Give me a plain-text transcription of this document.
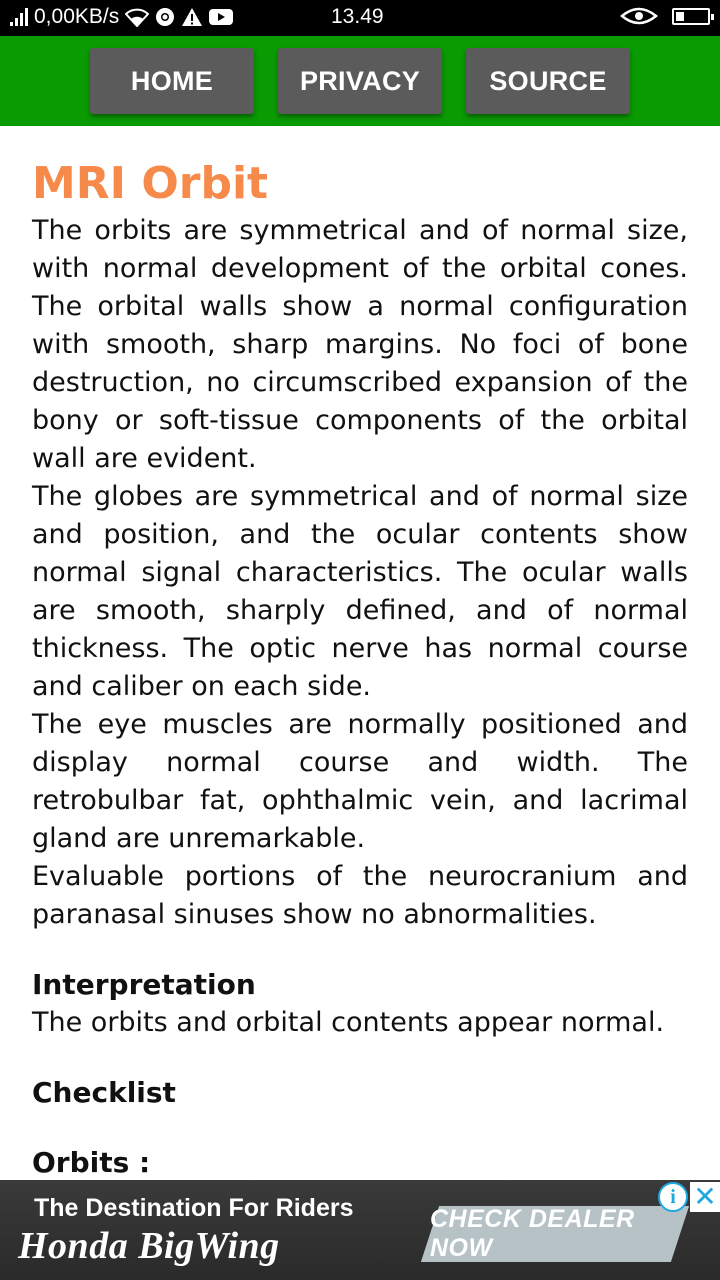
0,00KB/s	13.49
HOME	PRIVACY	SOURCE
MRI Orbit
The orbits are symmetrical and of normal size, with normal development of the orbital cones. The orbital walls show a normal configuration with smooth, sharp margins. No foci of bone destruction, no circumscribed expansion of the bony or soft-tissue components of the orbital wall are evident.
The globes are symmetrical and of normal size and position, and the ocular contents show normal signal characteristics. The ocular walls are smooth, sharply defined, and of normal thickness. The optic nerve has normal course and caliber on each side.
The eye muscles are normally positioned and display normal course and width. The retrobulbar fat, ophthalmic vein, and lacrimal gland are unremarkable.
Evaluable portions of the neurocranium and paranasal sinuses show no abnormalities.
Interpretation
The orbits and orbital contents appear normal.
Checklist
Orbits :
The Destination For Riders
Honda BigWing
CHECK DEALER NOW
i ✕
